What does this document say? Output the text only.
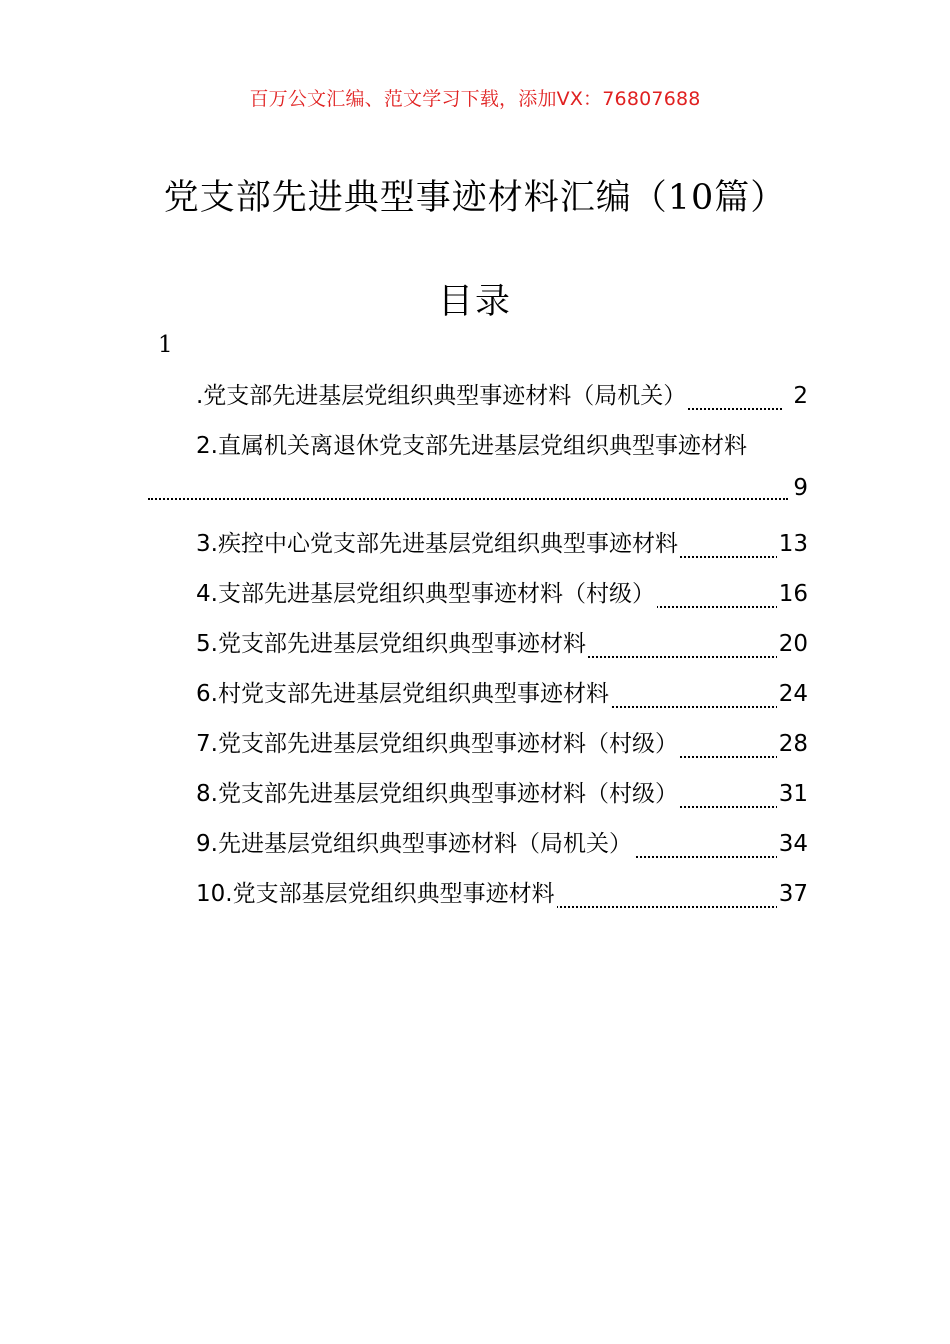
百万公文汇编、范文学习下载，添加VX：76807688
党支部先进典型事迹材料汇编（10篇）
目录
1
.党支部先进基层党组织典型事迹材料（局机关）	2
2.直属机关离退休党支部先进基层党组织典型事迹材料
9
3.疾控中心党支部先进基层党组织典型事迹材料	13
4.支部先进基层党组织典型事迹材料（村级）	16
5.党支部先进基层党组织典型事迹材料	20
6.村党支部先进基层党组织典型事迹材料	24
7.党支部先进基层党组织典型事迹材料（村级）	28
8.党支部先进基层党组织典型事迹材料（村级）	31
9.先进基层党组织典型事迹材料（局机关）	34
10.党支部基层党组织典型事迹材料	37
